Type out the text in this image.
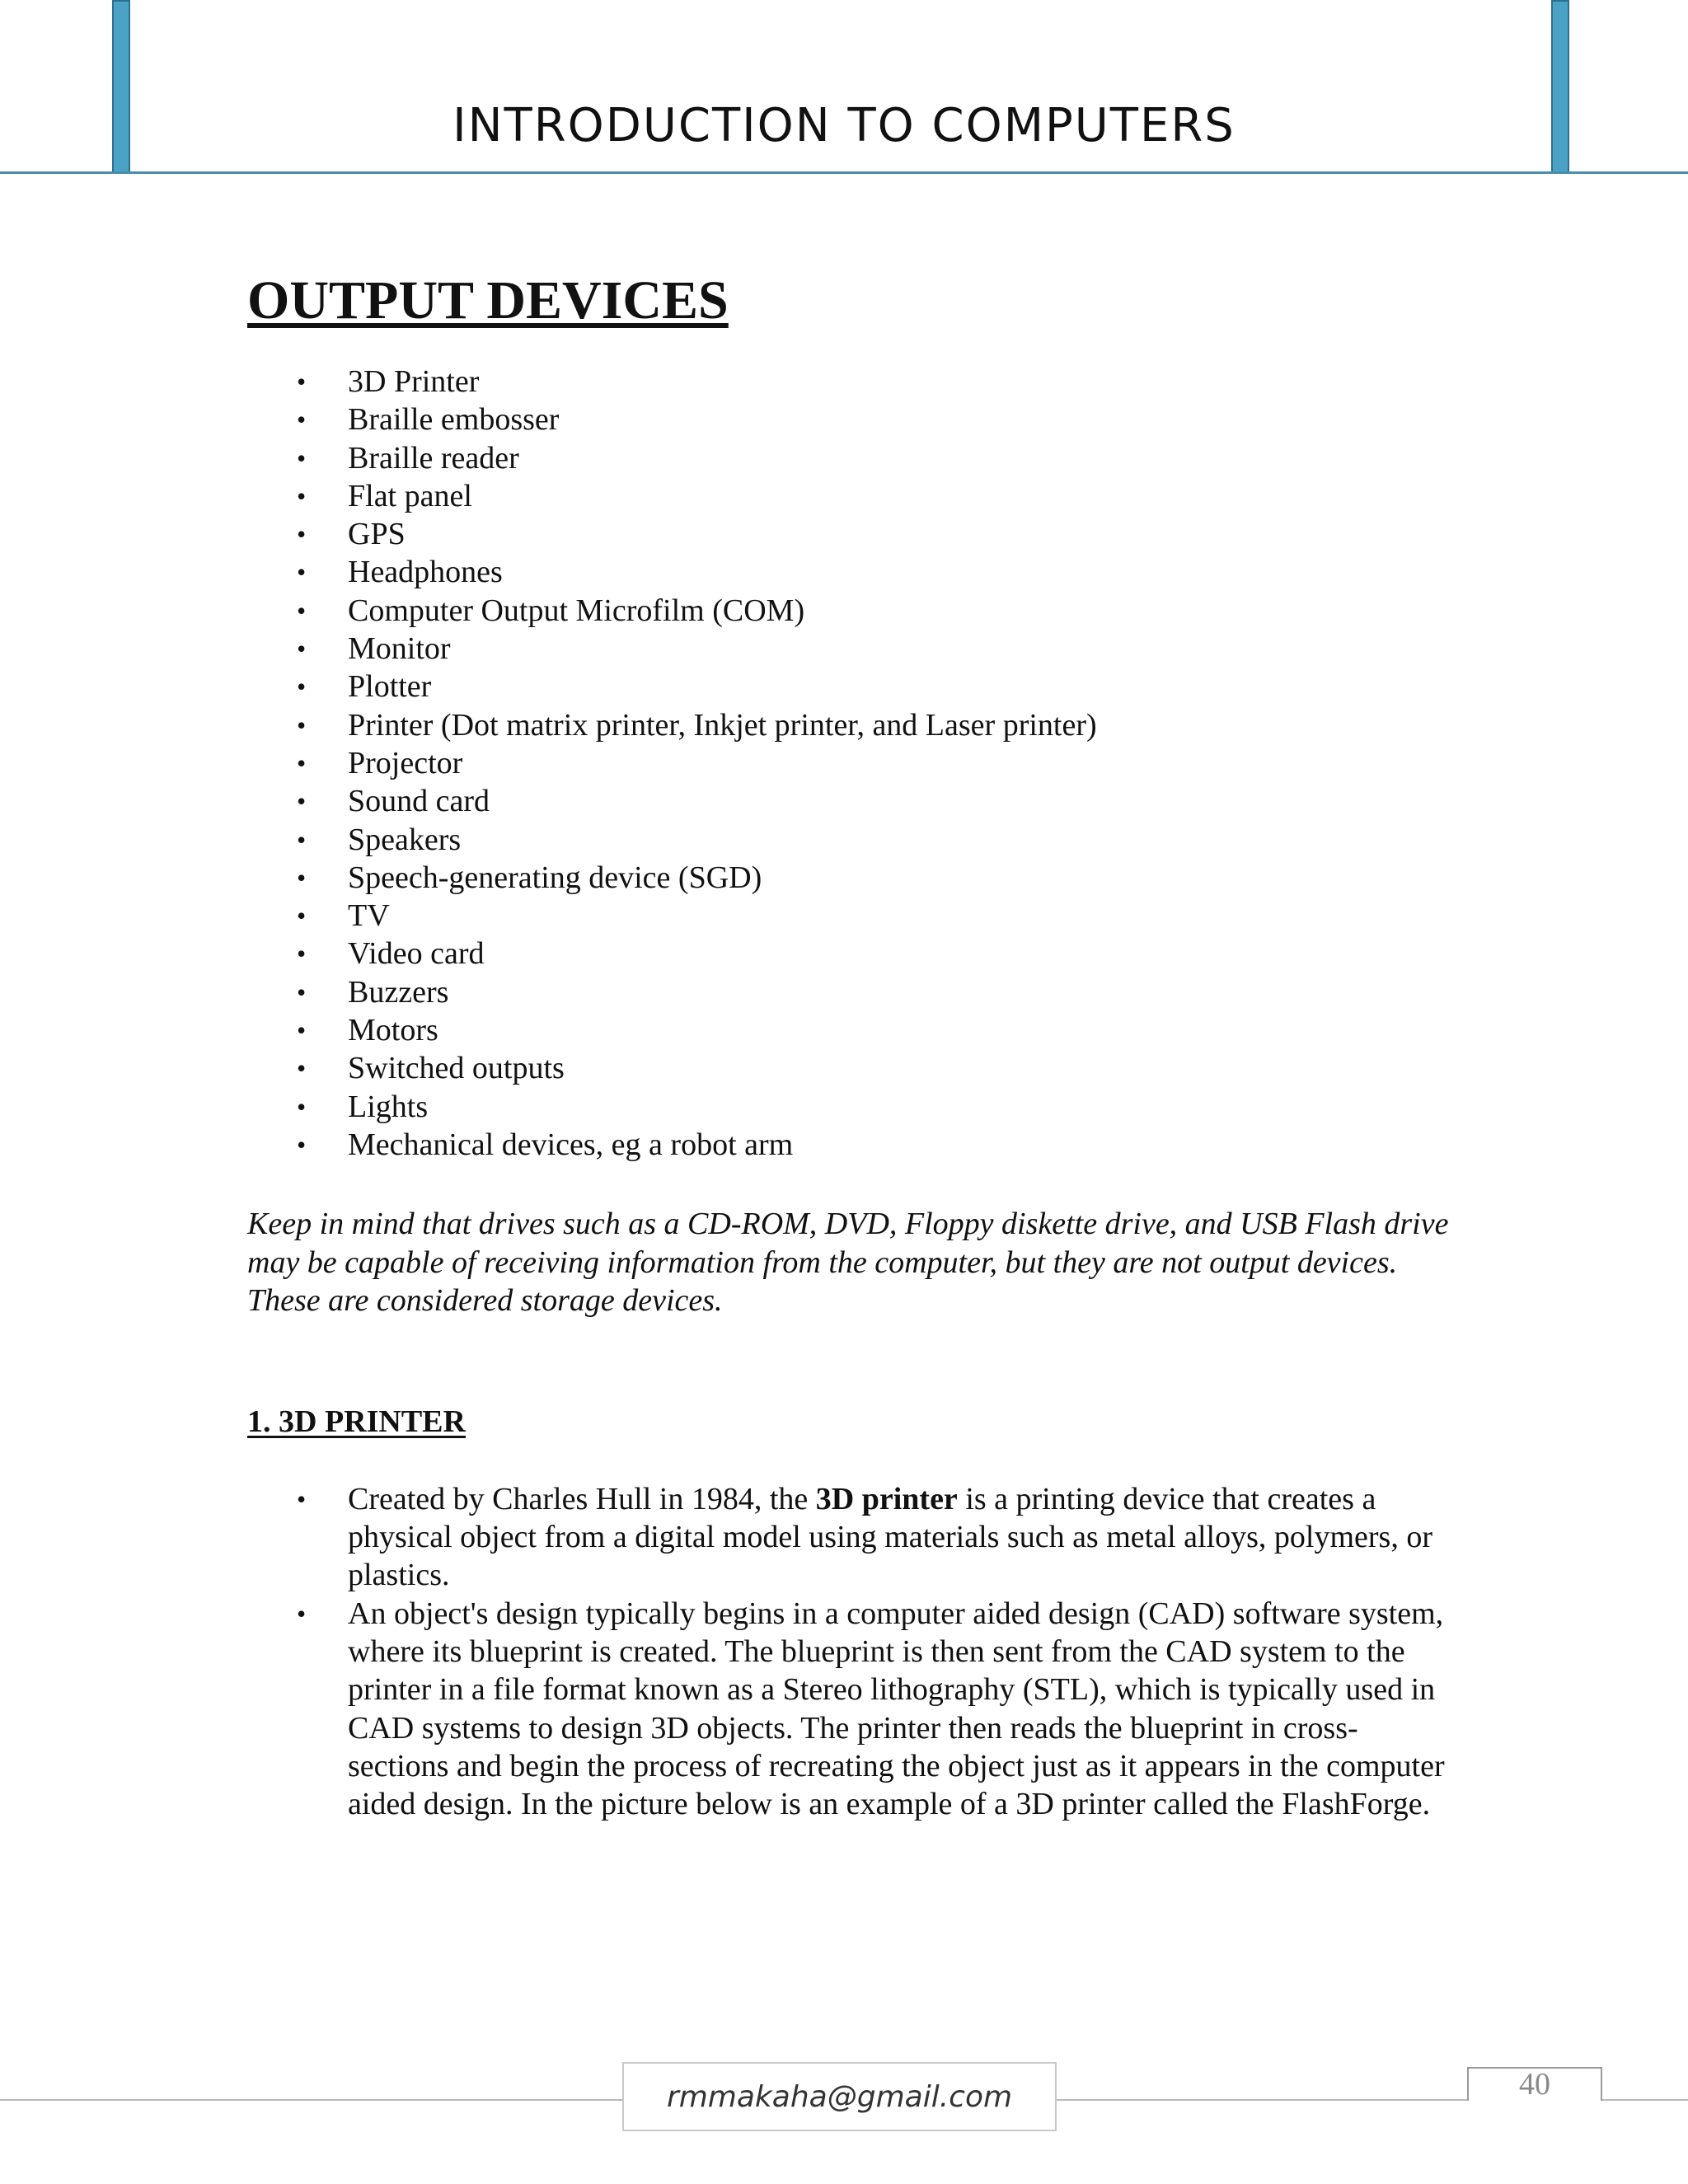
INTRODUCTION TO COMPUTERS
OUTPUT DEVICES
• 3D Printer
• Braille embosser
• Braille reader
• Flat panel
• GPS
• Headphones
• Computer Output Microfilm (COM)
• Monitor
• Plotter
• Printer (Dot matrix printer, Inkjet printer, and Laser printer)
• Projector
• Sound card
• Speakers
• Speech-generating device (SGD)
• TV
• Video card
• Buzzers
• Motors
• Switched outputs
• Lights
• Mechanical devices, eg a robot arm

Keep in mind that drives such as a CD-ROM, DVD, Floppy diskette drive, and USB Flash drive may be capable of receiving information from the computer, but they are not output devices. These are considered storage devices.

1. 3D PRINTER
• Created by Charles Hull in 1984, the 3D printer is a printing device that creates a physical object from a digital model using materials such as metal alloys, polymers, or plastics.
• An object's design typically begins in a computer aided design (CAD) software system, where its blueprint is created. The blueprint is then sent from the CAD system to the printer in a file format known as a Stereo lithography (STL), which is typically used in CAD systems to design 3D objects. The printer then reads the blueprint in cross-sections and begin the process of recreating the object just as it appears in the computer aided design. In the picture below is an example of a 3D printer called the FlashForge.
rmmakaha@gmail.com	40
